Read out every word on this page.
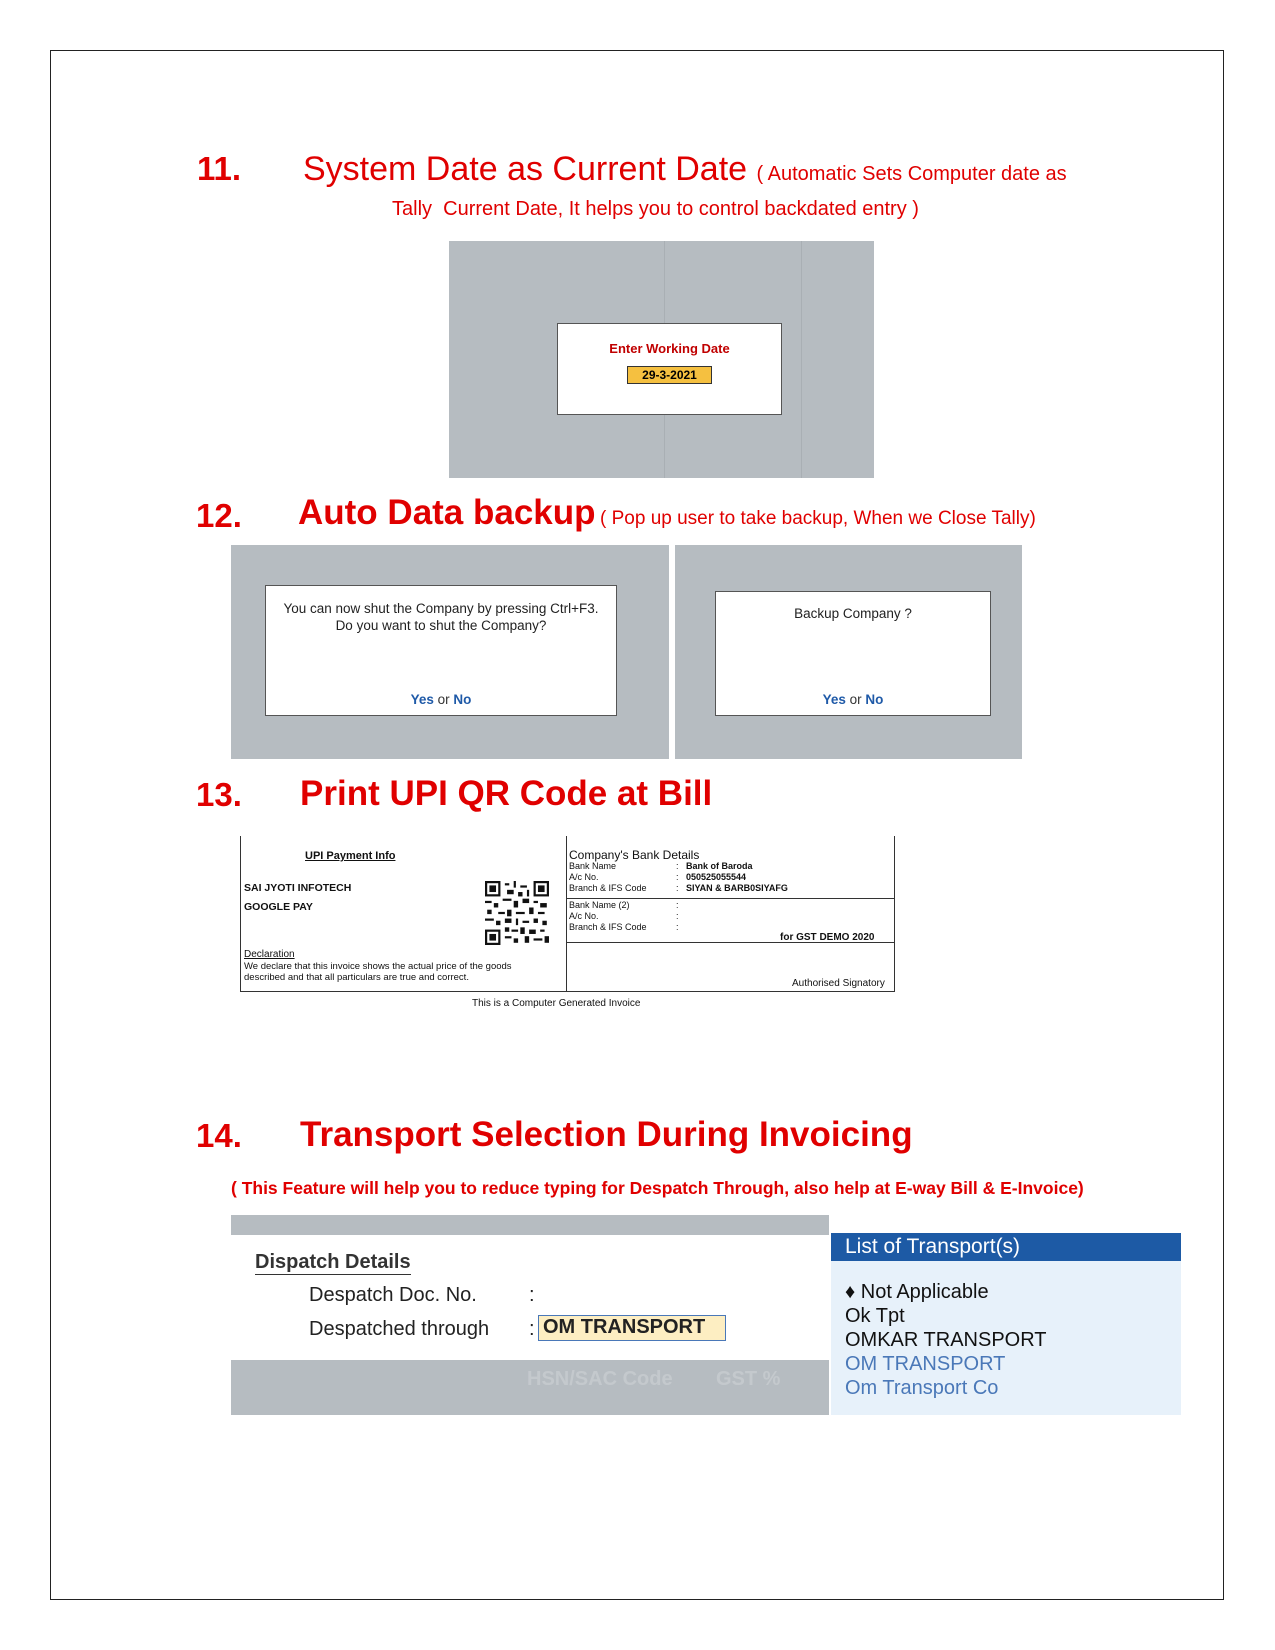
11. System Date as Current Date ( Automatic Sets Computer date as
Tally  Current Date, It helps you to control backdated entry )
Enter Working Date
29-3-2021
12. Auto Data backup ( Pop up user to take backup, When we Close Tally)
You can now shut the Company by pressing Ctrl+F3.
Do you want to shut the Company?
Yes or No
Backup Company ?
Yes or No
13. Print UPI QR Code at Bill
UPI Payment Info
SAI JYOTI INFOTECH
GOOGLE PAY
Declaration
We declare that this invoice shows the actual price of the goods
described and that all particulars are true and correct.
Company's Bank Details
Bank Name
A/c No.
Branch & IFS Code
:
:
:
Bank of Baroda
050525055544
SIYAN & BARB0SIYAFG
Bank Name (2)
A/c No.
Branch & IFS Code
:
:
:
for GST DEMO 2020
Authorised Signatory
This is a Computer Generated Invoice
14. Transport Selection During Invoicing
( This Feature will help you to reduce typing for Despatch Through, also help at E-way Bill & E-Invoice)
Dispatch Details
Despatch Doc. No.	:
Despatched through : OM TRANSPORT
HSN/SAC Code GST %
List of Transport(s)
♦ Not Applicable
Ok Tpt
OMKAR TRANSPORT
OM TRANSPORT
Om Transport Co
